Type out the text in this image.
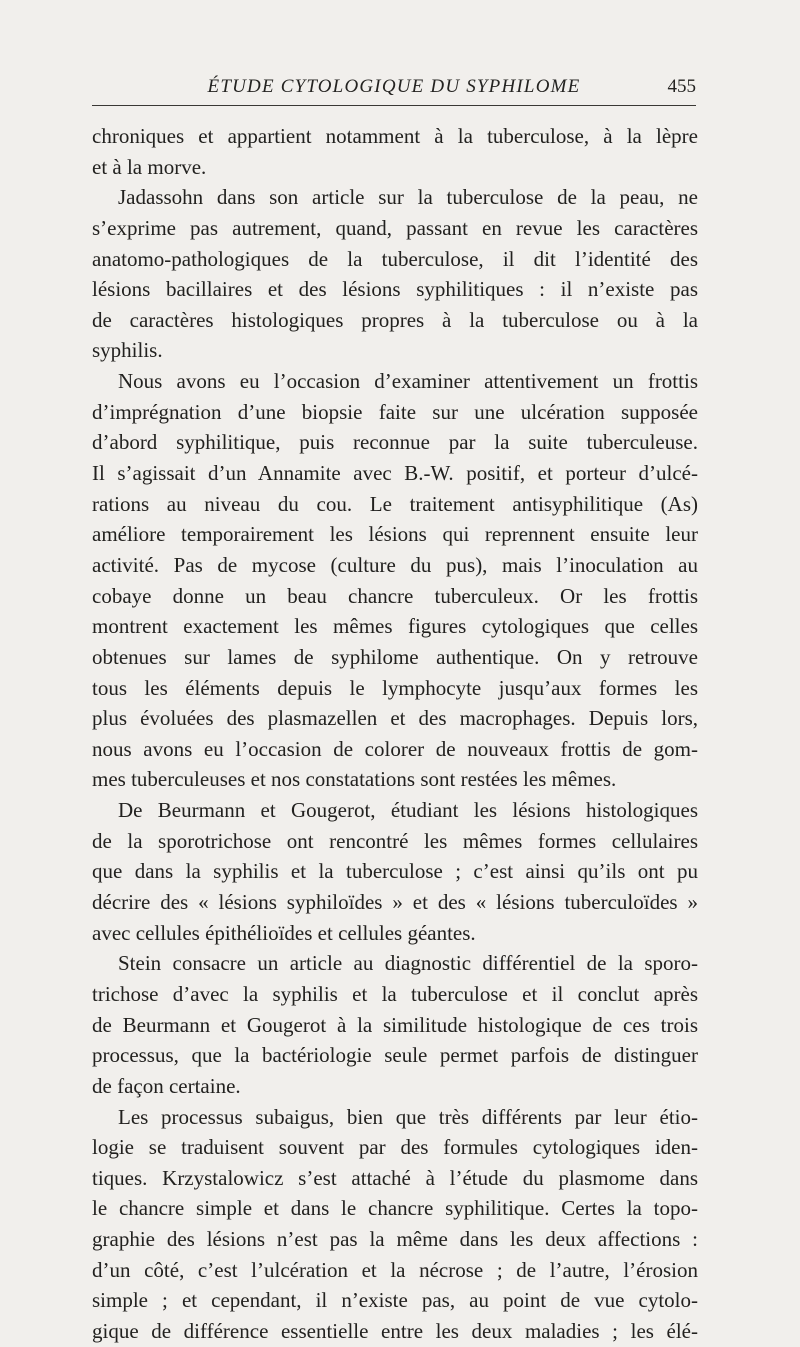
ÉTUDE CYTOLOGIQUE DU SYPHILOME	455
chroniques et appartient notamment à la tuberculose, à la lèpre
et à la morve.
Jadassohn dans son article sur la tuberculose de la peau, ne
s’exprime pas autrement, quand, passant en revue les caractères
anatomo-pathologiques de la tuberculose, il dit l’identité des
lésions bacillaires et des lésions syphilitiques : il n’existe pas
de caractères histologiques propres à la tuberculose ou à la
syphilis.
Nous avons eu l’occasion d’examiner attentivement un frottis
d’imprégnation d’une biopsie faite sur une ulcération supposée
d’abord syphilitique, puis reconnue par la suite tuberculeuse.
Il s’agissait d’un Annamite avec B.-W. positif, et porteur d’ulcé-
rations au niveau du cou. Le traitement antisyphilitique (As)
améliore temporairement les lésions qui reprennent ensuite leur
activité. Pas de mycose (culture du pus), mais l’inoculation au
cobaye donne un beau chancre tuberculeux. Or les frottis
montrent exactement les mêmes figures cytologiques que celles
obtenues sur lames de syphilome authentique. On y retrouve
tous les éléments depuis le lymphocyte jusqu’aux formes les
plus évoluées des plasmazellen et des macrophages. Depuis lors,
nous avons eu l’occasion de colorer de nouveaux frottis de gom-
mes tuberculeuses et nos constatations sont restées les mêmes.
De Beurmann et Gougerot, étudiant les lésions histologiques
de la sporotrichose ont rencontré les mêmes formes cellulaires
que dans la syphilis et la tuberculose ; c’est ainsi qu’ils ont pu
décrire des « lésions syphiloïdes » et des « lésions tuberculoïdes »
avec cellules épithélioïdes et cellules géantes.
Stein consacre un article au diagnostic différentiel de la sporo-
trichose d’avec la syphilis et la tuberculose et il conclut après
de Beurmann et Gougerot à la similitude histologique de ces trois
processus, que la bactériologie seule permet parfois de distinguer
de façon certaine.
Les processus subaigus, bien que très différents par leur étio-
logie se traduisent souvent par des formules cytologiques iden-
tiques. Krzystalowicz s’est attaché à l’étude du plasmome dans
le chancre simple et dans le chancre syphilitique. Certes la topo-
graphie des lésions n’est pas la même dans les deux affections :
d’un côté, c’est l’ulcération et la nécrose ; de l’autre, l’érosion
simple ; et cependant, il n’existe pas, au point de vue cytolo-
gique de différence essentielle entre les deux maladies ; les élé-
